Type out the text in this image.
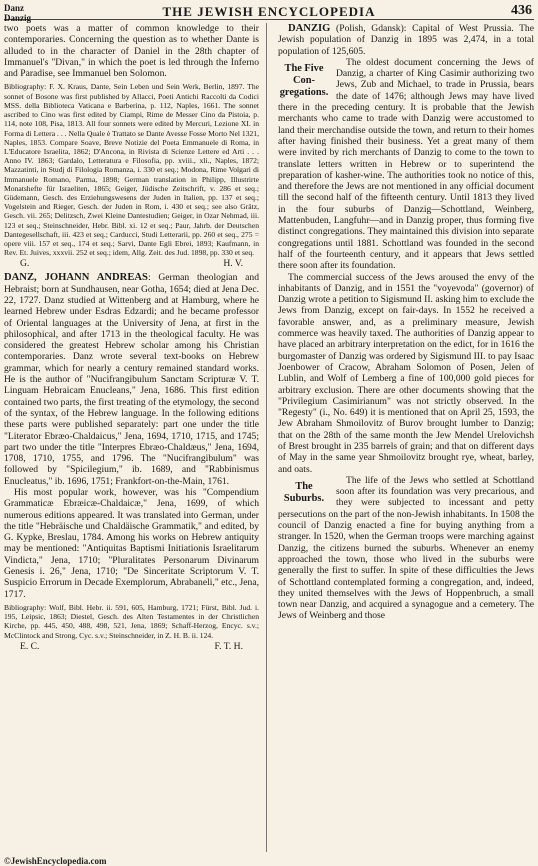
Danz
Danzig	THE JEWISH ENCYCLOPEDIA	436

two poets was a matter of common knowledge to their contemporaries. Concerning the question as to whether Dante is alluded to in the character of Daniel in the 28th chapter of Immanuel's "Divan," in which the poet is led through the Inferno and Paradise, see Immanuel ben Solomon.

Bibliography: F. X. Kraus, Dante, Sein Leben und Sein Werk, Berlin, 1897. The sonnet of Bosone was first published by Allacci, Poeti Antichi Raccolti da Codici MSS. della Biblioteca Vaticana e Barberina, p. 112, Naples, 1661. The sonnet ascribed to Cino was first edited by Ciampi, Rime de Messer Cino da Pistoia, p. 114, note 108, Pisa, 1813. All four sonnets were edited by Mercuri, Lezione XI. in Forma di Lettera . . . Nella Quale è Trattato se Dante Avesse Fosse Morto Nel 1321, Naples, 1853. Compare Soave, Breve Notizie del Poeta Emmanuele di Roma, in L'Educatore Israelita, 1862; D'Ancona, in Rivista di Scienze Lettere ed Arti . . . Anno IV. 1863; Gardalo, Letteratura e Filosofia, pp. xviii., xli., Naples, 1872; Mazzatinti, in Studj di Filologia Romanza, i. 330 et seq.; Modona, Rime Volgari di Immanuele Romano, Parma, 1898; German translation in Philipp, Illustrirte Monatshefte für Israeliten, 1865; Geiger, Jüdische Zeitschrift, v. 286 et seq.; Güdemann, Gesch. des Erziehungswesens der Juden in Italien, pp. 137 et seq.; Vogelstein and Rieger, Gesch. der Juden in Rom, i. 430 et seq.; see also Grätz, Gesch. vii. 265; Delitzsch, Zwei Kleine Dantestudien; Geiger, in Ozar Nehmad, iii. 123 et seq.; Steinschneider, Hebr. Bibl. xi. 12 et seq.; Paur, Jahrb. der Deutschen Dantegesellschaft, iii. 423 et seq.; Carducci, Studi Letterarii, pp. 260 et seq., 275 = opere viii. 157 et seq., 174 et seq.; Sarvi, Dante Egli Ebrei, 1893; Kaufmann, in Rev. Et. Juives, xxxvii. 252 et seq.; idem, Allg. Zeit. des Jud. 1898, pp. 330 et seq.

G.	H. V.

DANZ, JOHANN ANDREAS: German theologian and Hebraist; born at Sundhausen, near Gotha, 1654; died at Jena Dec. 22, 1727. Danz studied at Wittenberg and at Hamburg, where he learned Hebrew under Esdras Edzardi; and he became professor of Oriental languages at the University of Jena, at first in the philosophical, and after 1713 in the theological faculty. He was considered the greatest Hebrew scholar among his Christian contemporaries. Danz wrote several text-books on Hebrew grammar, which for nearly a century remained standard works. He is the author of "Nucifrangibulum Sanctam Scripturæ V. T. Linguam Hebraicam Enucleans," Jena, 1686. This first edition contained two parts, the first treating of the etymology, the second of the syntax, of the Hebrew language. In the following editions these parts were published separately: part one under the title "Literator Ebræo-Chaldaicus," Jena, 1694, 1710, 1715, and 1745; part two under the title "Interpres Ebræo-Chaldæus," Jena, 1694, 1708, 1710, 1755, and 1796. The "Nucifrangibulum" was followed by "Spicilegium," ib. 1689, and "Rabbinismus Enucleatus," ib. 1696, 1751; Frankfort-on-the-Main, 1761.

His most popular work, however, was his "Compendium Grammaticæ Ebræicæ-Chaldaicæ," Jena, 1699, of which numerous editions appeared. It was translated into German, under the title "Hebräische und Chaldäische Grammatik," and edited, by G. Kypke, Breslau, 1784. Among his works on Hebrew antiquity may be mentioned: "Antiquitas Baptismi Initiationis Israelitarum Vindicta," Jena, 1710; "Pluralitates Personarum Divinarum Genesis i. 26," Jena, 1710; "De Sinceritate Scriptorum V. T. Suspicio Errorum in Decade Exemplorum, Abrabaneli," etc., Jena, 1717.

Bibliography: Wolf, Bibl. Hebr. ii. 591, 605, Hamburg, 1721; Fürst, Bibl. Jud. i. 195, Leipsic, 1863; Diestel, Gesch. des Alten Testamentes in der Christlichen Kirche, pp. 445, 450, 488, 498, 521, Jena, 1869; Schaff-Herzog, Encyc. s.v.; McClintock and Strong, Cyc. s.v.; Steinschneider, in Z. H. B. ii. 124.

E. C.	F. T. H.

DANZIG (Polish, Gdansk): Capital of West Prussia. The Jewish population of Danzig in 1895 was 2,474, in a total population of 125,605.

The Five
Con-
gregations.

The oldest document concerning the Jews of Danzig, a charter of King Casimir authorizing two Jews, Zub and Michael, to trade in Prussia, bears the date of 1476; although Jews may have lived there in the preceding century. It is probable that the Jewish merchants who came to trade with Danzig were accustomed to land their merchandise outside the town, and return to their homes after having finished their business. Yet a great many of them were invited by rich merchants of Danzig to come to the town to translate letters written in Hebrew or to superintend the preparation of kasher-wine. The authorities took no notice of this, and therefore the Jews are not mentioned in any official document till the second half of the fifteenth century. Until 1813 they lived in the four suburbs of Danzig—Schottland, Weinberg, Mattenbuden, Langfuhr—and in Danzig proper, thus forming five distinct congregations. They maintained this division into separate congregations until 1881. Schottland was founded in the second half of the fourteenth century, and it appears that Jews settled there soon after its foundation.

The commercial success of the Jews aroused the envy of the inhabitants of Danzig, and in 1551 the "voyevoda" (governor) of Danzig wrote a petition to Sigismund II. asking him to exclude the Jews from Danzig, except on fair-days. In 1552 he received a favorable answer, and, as a preliminary measure, Jewish commerce was heavily taxed. The authorities of Danzig appear to have placed an arbitrary interpretation on the edict, for in 1616 the burgomaster of Danzig was ordered by Sigismund III. to pay Isaac Joenbower of Cracow, Abraham Solomon of Posen, Jelen of Lublin, and Wolf of Lemberg a fine of 100,000 gold pieces for arbitrary exclusion. There are other documents showing that the "Privilegium Casimirianum" was not strictly observed. In the "Regesty" (i., No. 649) it is mentioned that on April 25, 1593, the Jew Abraham Shmoilovitz of Burov brought lumber to Danzig; that on the 28th of the same month the Jew Mendel Urelovichsh of Brest brought in 235 barrels of grain; and that on different days of May in the same year Shmoilovitz brought rye, wheat, barley, and oats.

The Suburbs.

The life of the Jews who settled at Schottland soon after its foundation was very precarious, and they were subjected to incessant and petty persecutions on the part of the non-Jewish inhabitants. In 1508 the council of Danzig enacted a fine for buying anything from a stranger. In 1520, when the German troops were marching against Danzig, the citizens burned the suburbs. Whenever an enemy approached the town, those who lived in the suburbs were generally the first to suffer. In spite of these difficulties the Jews of Schottland contemplated forming a congregation, and, indeed, they united themselves with the Jews of Hoppenbruch, a small town near Danzig, and acquired a synagogue and a cemetery. The Jews of Weinberg and those

©JewishEncyclopedia.com
